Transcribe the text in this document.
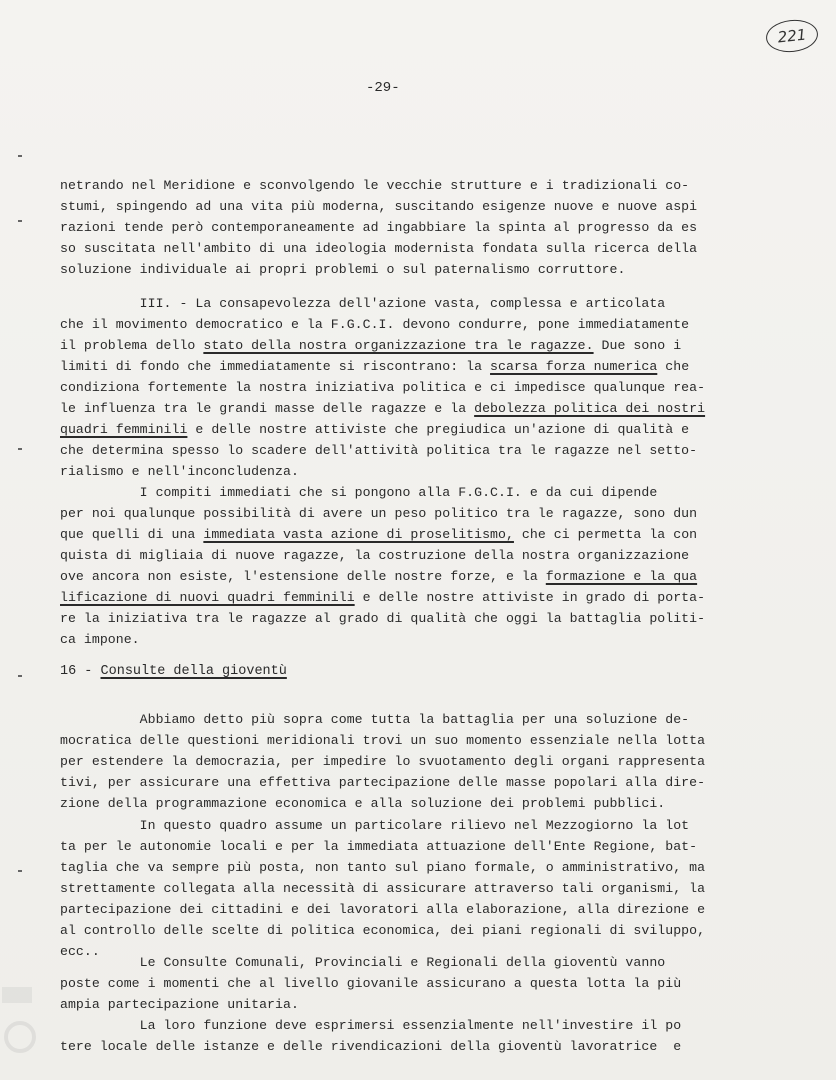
221
-29-
netrando nel Meridione e sconvolgendo le vecchie strutture e i tradizionali co-
stumi, spingendo ad una vita più moderna, suscitando esigenze nuove e nuove aspi
razioni tende però contemporaneamente ad ingabbiare la spinta al progresso da es
so suscitata nell'ambito di una ideologia modernista fondata sulla ricerca della
soluzione individuale ai propri problemi o sul paternalismo corruttore.
III. - La consapevolezza dell'azione vasta, complessa e articolata
che il movimento democratico e la F.G.C.I. devono condurre, pone immediatamente
il problema dello stato della nostra organizzazione tra le ragazze. Due sono i
limiti di fondo che immediatamente si riscontrano: la scarsa forza numerica che
condiziona fortemente la nostra iniziativa politica e ci impedisce qualunque rea-
le influenza tra le grandi masse delle ragazze e la debolezza politica dei nostri
quadri femminili e delle nostre attiviste che pregiudica un'azione di qualità e
che determina spesso lo scadere dell'attività politica tra le ragazze nel setto-
rialismo e nell'inconcludenza.
I compiti immediati che si pongono alla F.G.C.I. e da cui dipende
per noi qualunque possibilità di avere un peso politico tra le ragazze, sono dun
que quelli di una immediata vasta azione di proselitismo, che ci permetta la con
quista di migliaia di nuove ragazze, la costruzione della nostra organizzazione
ove ancora non esiste, l'estensione delle nostre forze, e la formazione e la qua
lificazione di nuovi quadri femminili e delle nostre attiviste in grado di porta-
re la iniziativa tra le ragazze al grado di qualità che oggi la battaglia politi-
ca impone.
16 - Consulte della gioventù
Abbiamo detto più sopra come tutta la battaglia per una soluzione de-
mocratica delle questioni meridionali trovi un suo momento essenziale nella lotta
per estendere la democrazia, per impedire lo svuotamento degli organi rappresenta
tivi, per assicurare una effettiva partecipazione delle masse popolari alla dire-
zione della programmazione economica e alla soluzione dei problemi pubblici.
In questo quadro assume un particolare rilievo nel Mezzogiorno la lot
ta per le autonomie locali e per la immediata attuazione dell'Ente Regione, bat-
taglia che va sempre più posta, non tanto sul piano formale, o amministrativo, ma
strettamente collegata alla necessità di assicurare attraverso tali organismi, la
partecipazione dei cittadini e dei lavoratori alla elaborazione, alla direzione e
al controllo delle scelte di politica economica, dei piani regionali di sviluppo,
ecc..
Le Consulte Comunali, Provinciali e Regionali della gioventù vanno
poste come i momenti che al livello giovanile assicurano a questa lotta la più
ampia partecipazione unitaria.
La loro funzione deve esprimersi essenzialmente nell'investire il po
tere locale delle istanze e delle rivendicazioni della gioventù lavoratrice  e
